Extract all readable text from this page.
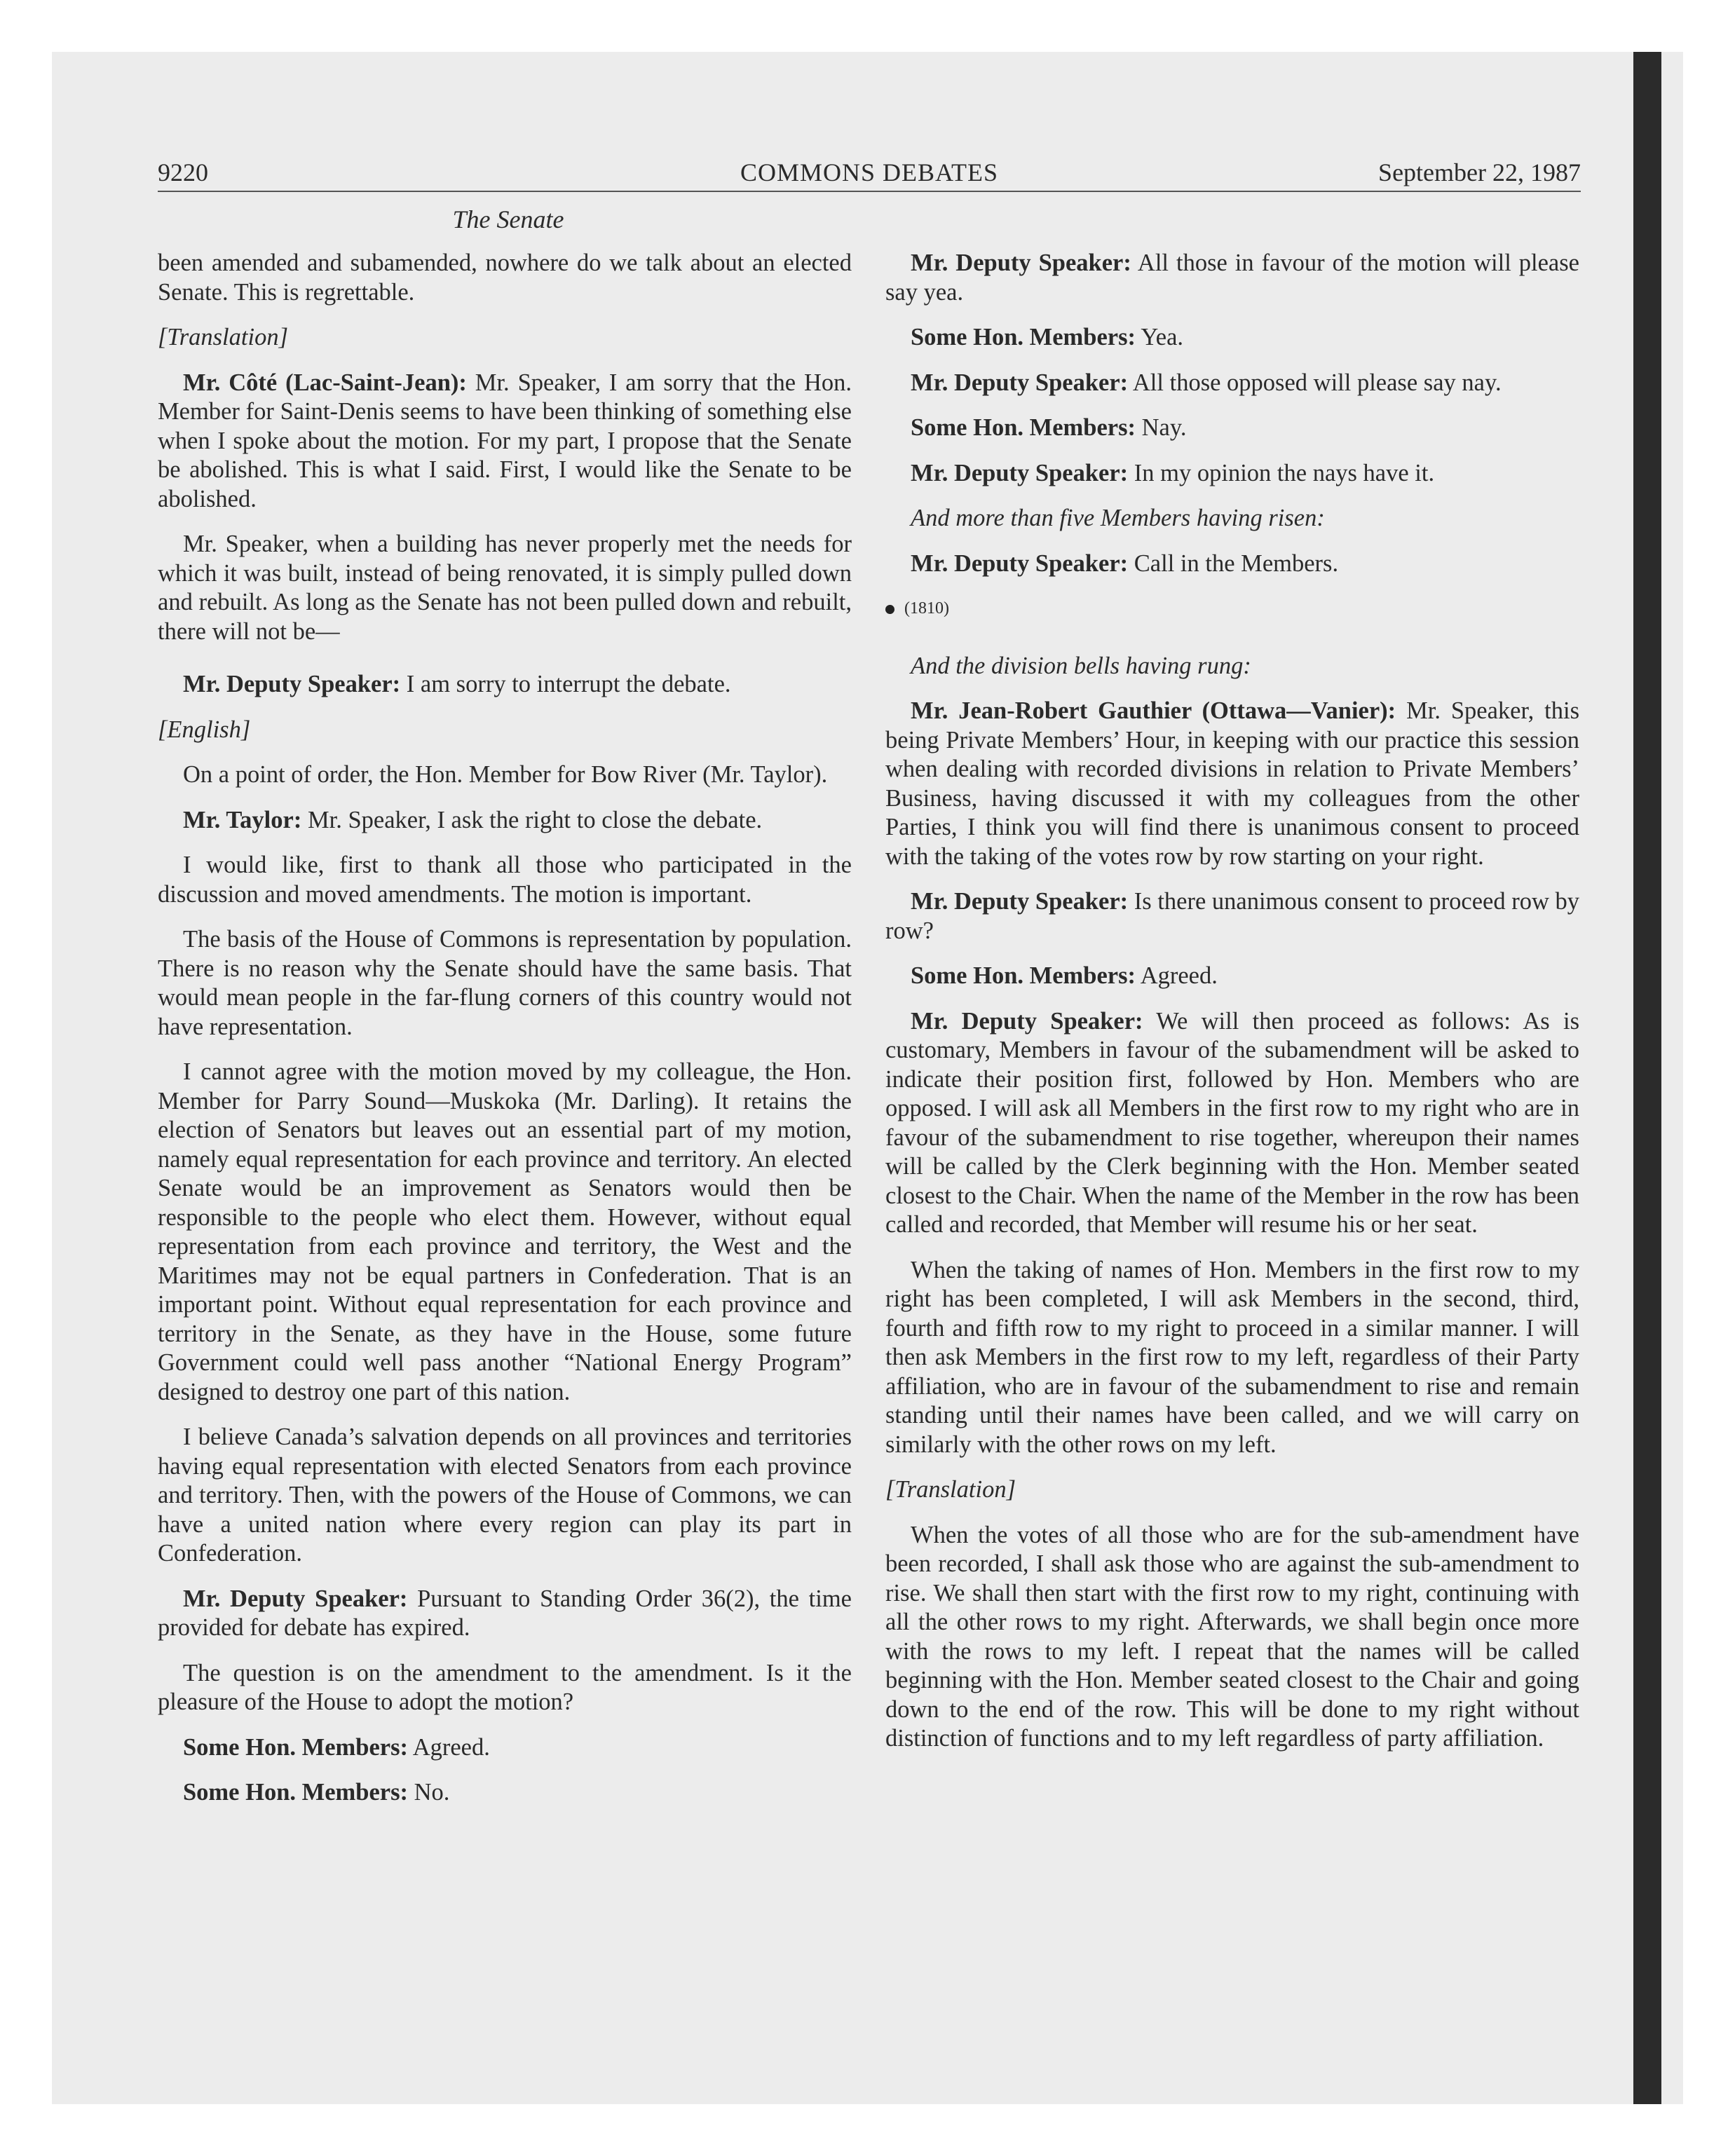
9220	COMMONS DEBATES	September 22, 1987
The Senate

been amended and subamended, nowhere do we talk about an elected Senate. This is regrettable.

[Translation]

Mr. Côté (Lac-Saint-Jean): Mr. Speaker, I am sorry that the Hon. Member for Saint-Denis seems to have been thinking of something else when I spoke about the motion. For my part, I propose that the Senate be abolished. This is what I said. First, I would like the Senate to be abolished.

Mr. Speaker, when a building has never properly met the needs for which it was built, instead of being renovated, it is simply pulled down and rebuilt. As long as the Senate has not been pulled down and rebuilt, there will not be—

Mr. Deputy Speaker: I am sorry to interrupt the debate.

[English]

On a point of order, the Hon. Member for Bow River (Mr. Taylor).

Mr. Taylor: Mr. Speaker, I ask the right to close the debate.

I would like, first to thank all those who participated in the discussion and moved amendments. The motion is important.

The basis of the House of Commons is representation by population. There is no reason why the Senate should have the same basis. That would mean people in the far-flung corners of this country would not have representation.

I cannot agree with the motion moved by my colleague, the Hon. Member for Parry Sound—Muskoka (Mr. Darling). It retains the election of Senators but leaves out an essential part of my motion, namely equal representation for each province and territory. An elected Senate would be an improvement as Senators would then be responsible to the people who elect them. However, without equal representation from each province and territory, the West and the Maritimes may not be equal partners in Confederation. That is an important point. Without equal representation for each province and territory in the Senate, as they have in the House, some future Government could well pass another “National Energy Program” designed to destroy one part of this nation.

I believe Canada’s salvation depends on all provinces and territories having equal representation with elected Senators from each province and territory. Then, with the powers of the House of Commons, we can have a united nation where every region can play its part in Confederation.

Mr. Deputy Speaker: Pursuant to Standing Order 36(2), the time provided for debate has expired.

The question is on the amendment to the amendment. Is it the pleasure of the House to adopt the motion?

Some Hon. Members: Agreed.

Some Hon. Members: No.

Mr. Deputy Speaker: All those in favour of the motion will please say yea.

Some Hon. Members: Yea.

Mr. Deputy Speaker: All those opposed will please say nay.

Some Hon. Members: Nay.

Mr. Deputy Speaker: In my opinion the nays have it.

And more than five Members having risen:

Mr. Deputy Speaker: Call in the Members.

(1810)

And the division bells having rung:

Mr. Jean-Robert Gauthier (Ottawa—Vanier): Mr. Speaker, this being Private Members’ Hour, in keeping with our practice this session when dealing with recorded divisions in relation to Private Members’ Business, having discussed it with my colleagues from the other Parties, I think you will find there is unanimous consent to proceed with the taking of the votes row by row starting on your right.

Mr. Deputy Speaker: Is there unanimous consent to proceed row by row?

Some Hon. Members: Agreed.

Mr. Deputy Speaker: We will then proceed as follows: As is customary, Members in favour of the subamendment will be asked to indicate their position first, followed by Hon. Members who are opposed. I will ask all Members in the first row to my right who are in favour of the subamendment to rise together, whereupon their names will be called by the Clerk beginning with the Hon. Member seated closest to the Chair. When the name of the Member in the row has been called and recorded, that Member will resume his or her seat.

When the taking of names of Hon. Members in the first row to my right has been completed, I will ask Members in the second, third, fourth and fifth row to my right to proceed in a similar manner. I will then ask Members in the first row to my left, regardless of their Party affiliation, who are in favour of the subamendment to rise and remain standing until their names have been called, and we will carry on similarly with the other rows on my left.

[Translation]

When the votes of all those who are for the sub-amendment have been recorded, I shall ask those who are against the sub-amendment to rise. We shall then start with the first row to my right, continuing with all the other rows to my right. Afterwards, we shall begin once more with the rows to my left. I repeat that the names will be called beginning with the Hon. Member seated closest to the Chair and going down to the end of the row. This will be done to my right without distinction of functions and to my left regardless of party affiliation.
